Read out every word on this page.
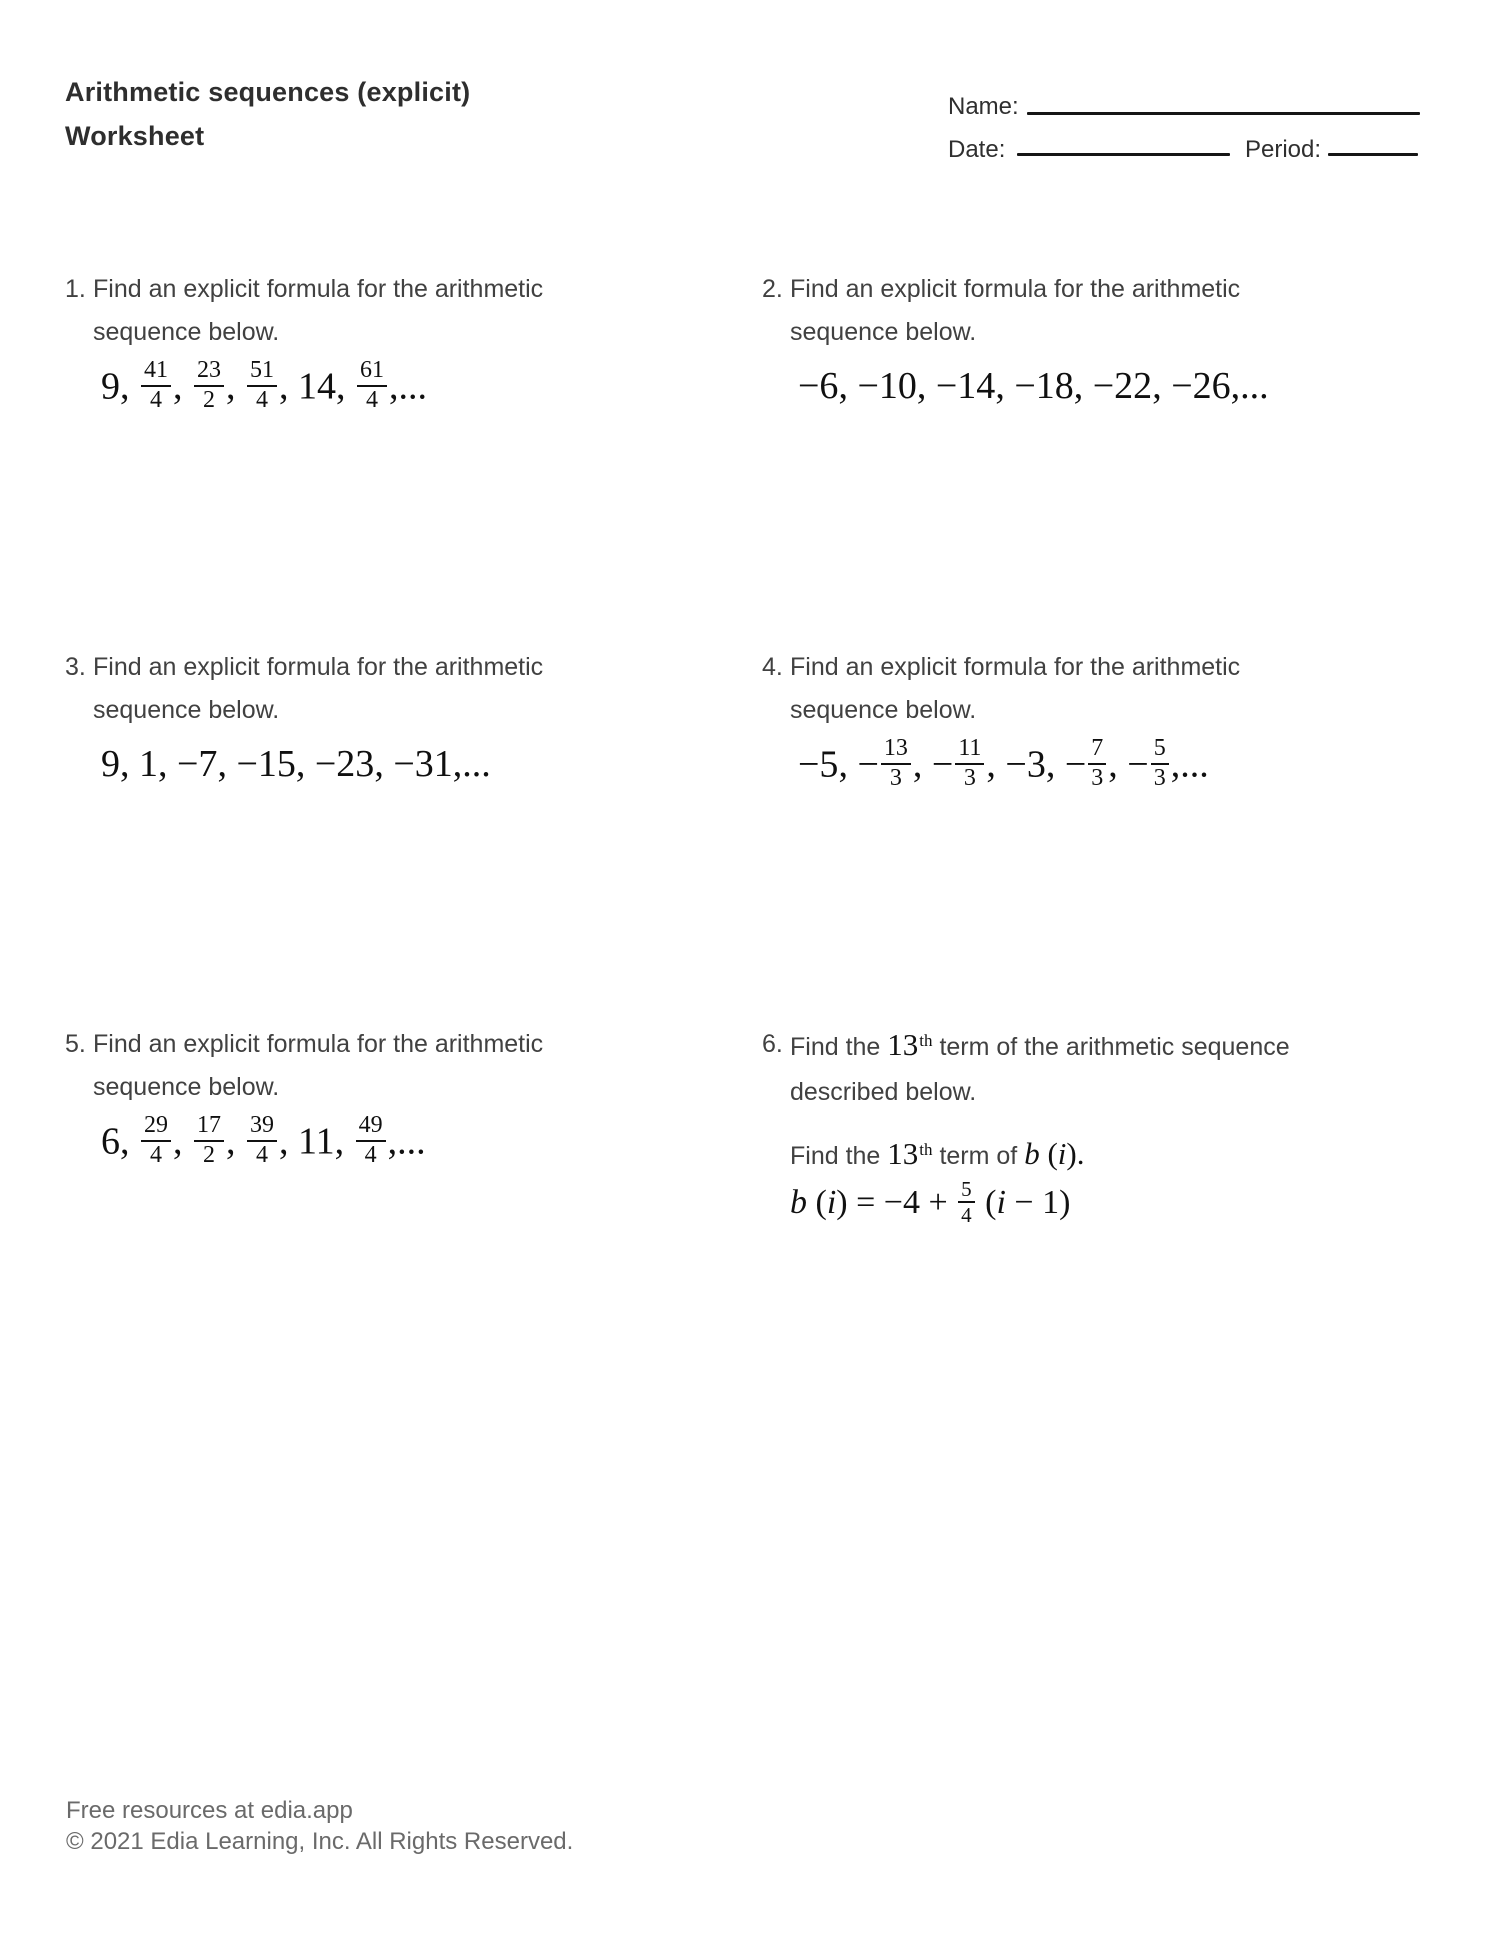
Arithmetic sequences (explicit)
Worksheet
Name:
Date:	Period:
1. Find an explicit formula for the arithmetic
sequence below.
9, $\frac{41}{4}$ , $\frac{23}{2}$ , $\frac{51}{4}$ , 14, $\frac{61}{4}$ ,...
2. Find an explicit formula for the arithmetic
sequence below.
−6, −10, −14, −18, −22, −26,...
3. Find an explicit formula for the arithmetic
sequence below.
9, 1, −7, −15, −23, −31,...
4. Find an explicit formula for the arithmetic
sequence below.
−5, − $\frac{13}{3}$ , − $\frac{11}{3}$ , −3, − $\frac{7}{3}$ , − $\frac{5}{3}$ ,...
5. Find an explicit formula for the arithmetic
sequence below.
6, $\frac{29}{4}$ , $\frac{17}{2}$ , $\frac{39}{4}$ , 11, $\frac{49}{4}$ ,...
6. Find the 13th term of the arithmetic sequence
described below.
Find the 13th term of b (i).
b $(i) = -4 + \frac{5}{4} (i - 1)$
Free resources at edia.app
© 2021 Edia Learning, Inc. All Rights Reserved.
